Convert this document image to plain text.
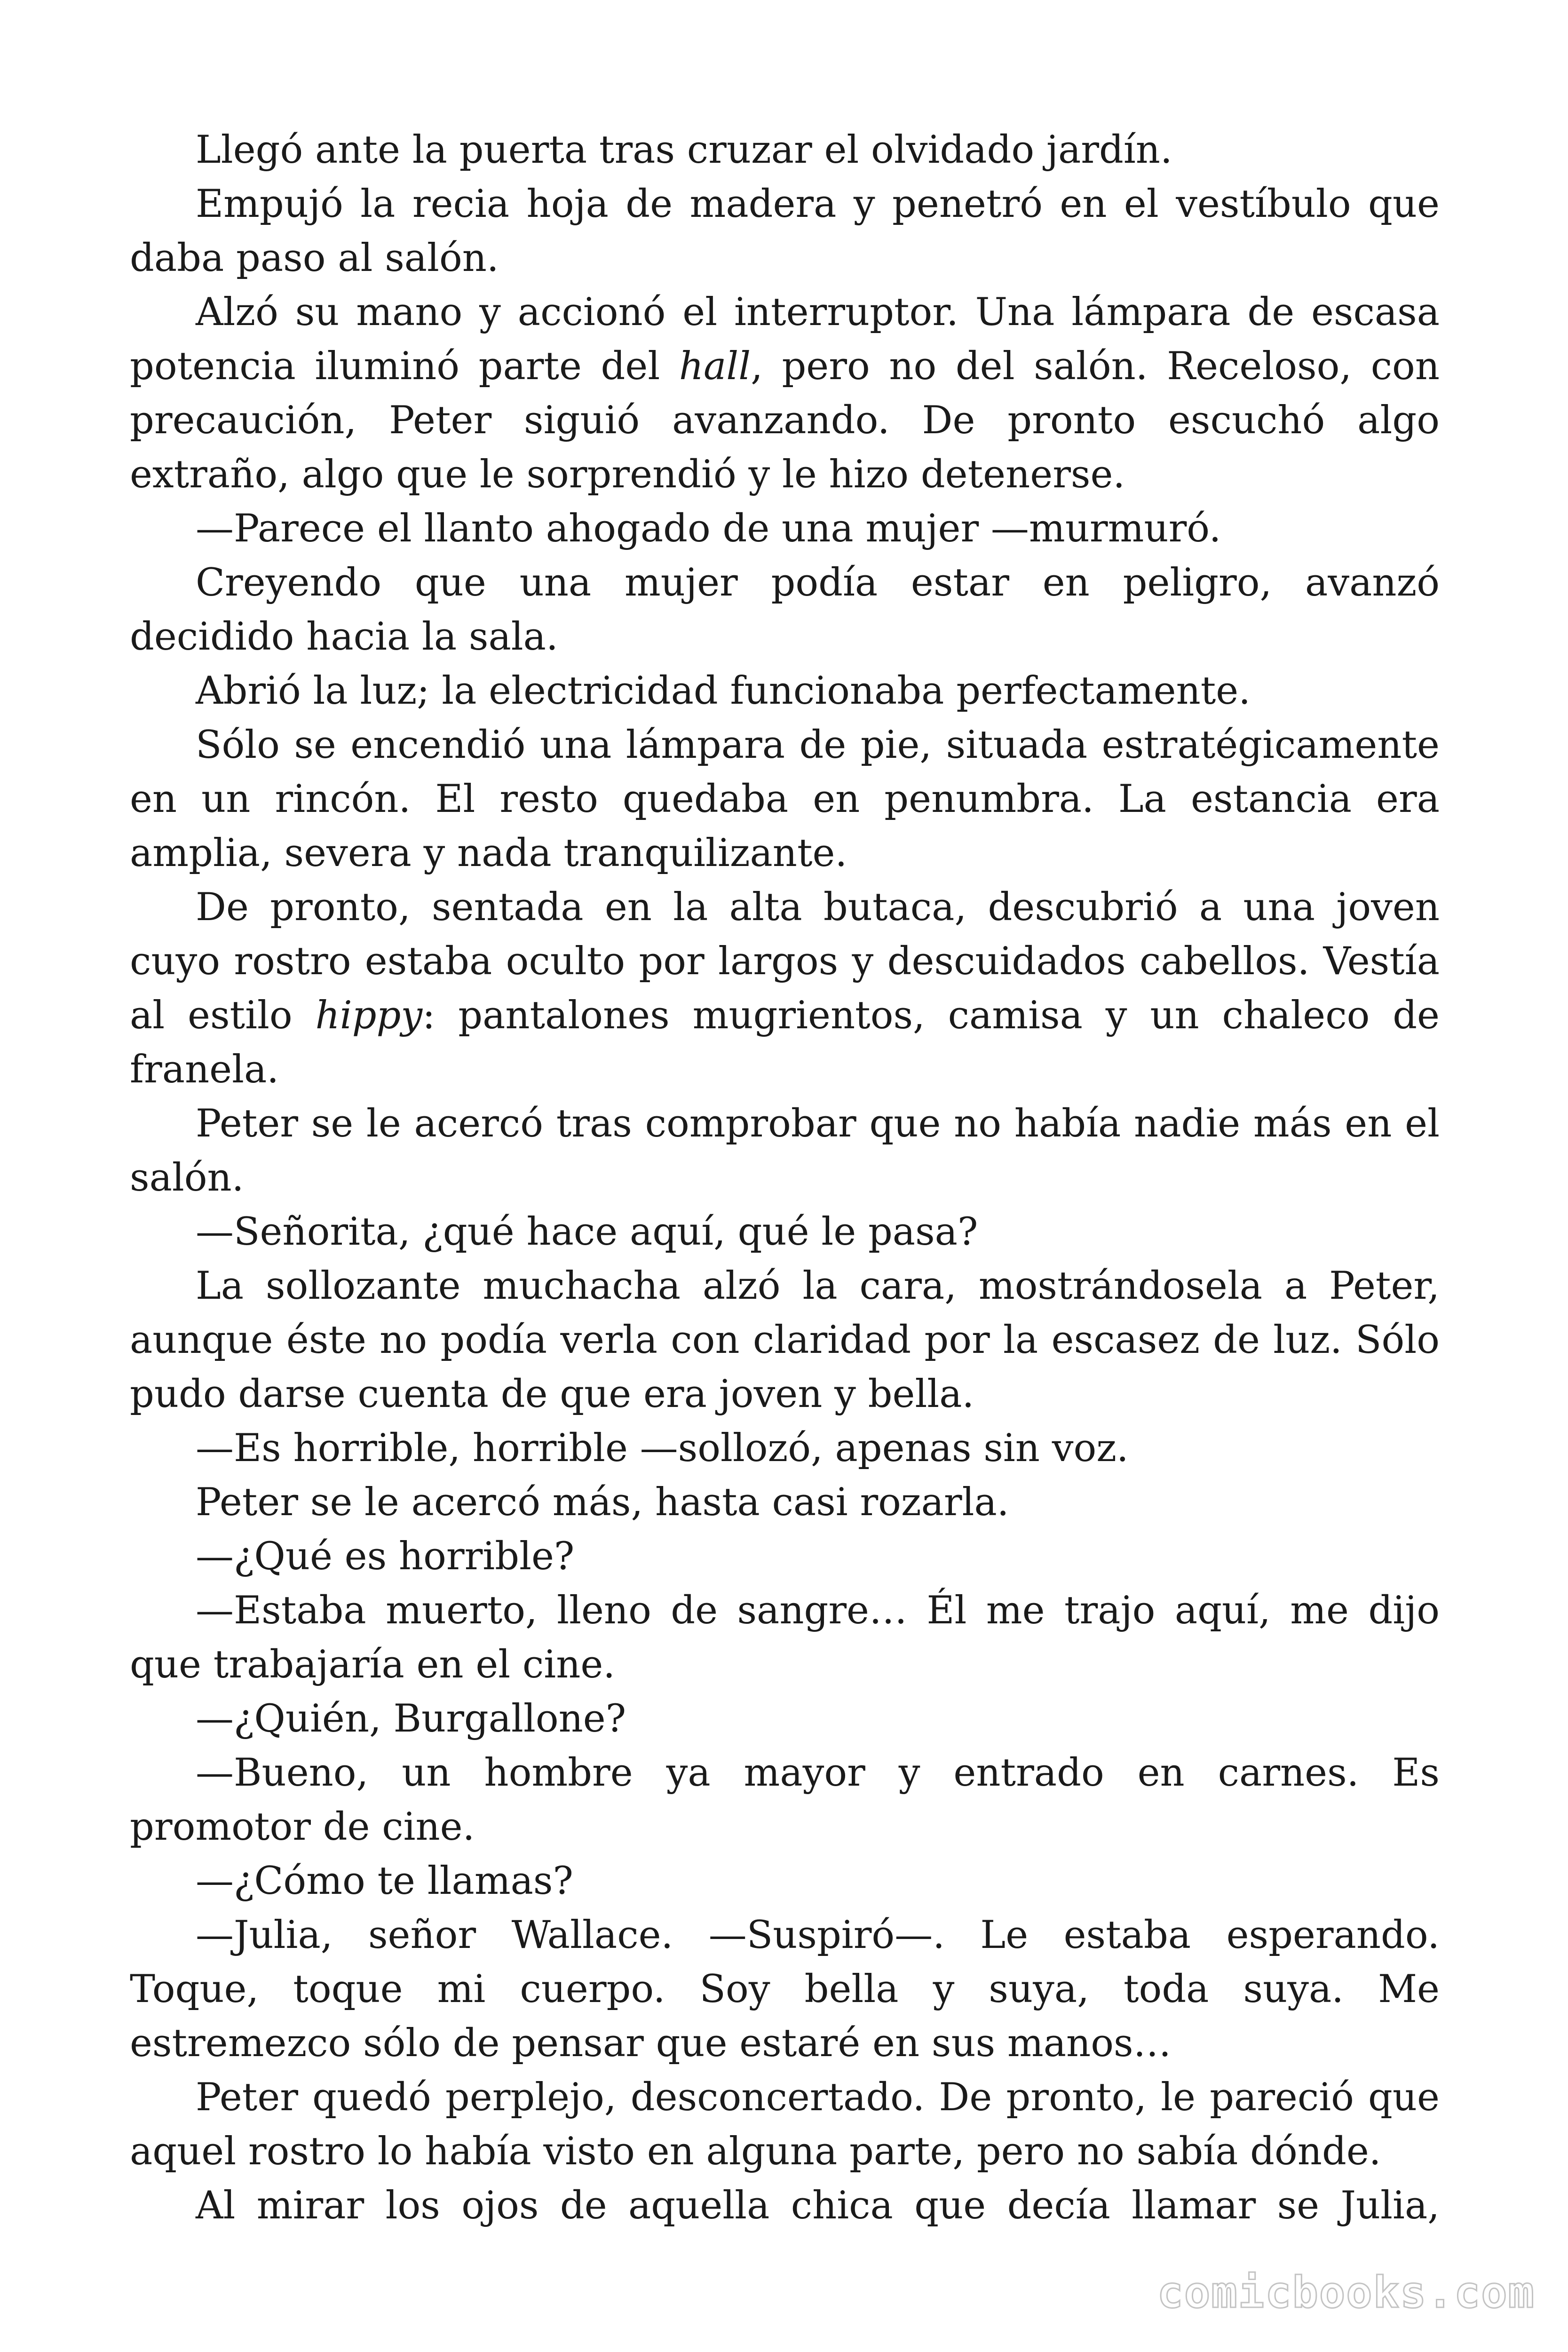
Llegó ante la puerta tras cruzar el olvidado jardín.

Empujó la recia hoja de madera y penetró en el vestíbulo que daba paso al salón.

Alzó su mano y accionó el interruptor. Una lámpara de escasa potencia iluminó parte del hall, pero no del salón. Receloso, con precaución, Peter siguió avanzando. De pronto escuchó algo extraño, algo que le sorprendió y le hizo detenerse.

—Parece el llanto ahogado de una mujer —murmuró.

Creyendo que una mujer podía estar en peligro, avanzó decidido hacia la sala.

Abrió la luz; la electricidad funcionaba perfectamente.

Sólo se encendió una lámpara de pie, situada estratégicamente en un rincón. El resto quedaba en penumbra. La estancia era amplia, severa y nada tranquilizante.

De pronto, sentada en la alta butaca, descubrió a una joven cuyo rostro estaba oculto por largos y descuidados cabellos. Vestía al estilo hippy: pantalones mugrientos, camisa y un chaleco de franela.

Peter se le acercó tras comprobar que no había nadie más en el salón.

—Señorita, ¿qué hace aquí, qué le pasa?

La sollozante muchacha alzó la cara, mostrándosela a Peter, aunque éste no podía verla con claridad por la escasez de luz. Sólo pudo darse cuenta de que era joven y bella.

—Es horrible, horrible —sollozó, apenas sin voz.

Peter se le acercó más, hasta casi rozarla.

—¿Qué es horrible?

—Estaba muerto, lleno de sangre… Él me trajo aquí, me dijo que trabajaría en el cine.

—¿Quién, Burgallone?

—Bueno, un hombre ya mayor y entrado en carnes. Es promotor de cine.

—¿Cómo te llamas?

—Julia, señor Wallace. —Suspiró—. Le estaba esperando. Toque, toque mi cuerpo. Soy bella y suya, toda suya. Me estremezco sólo de pensar que estaré en sus manos…

Peter quedó perplejo, desconcertado. De pronto, le pareció que aquel rostro lo había visto en alguna parte, pero no sabía dónde.

Al mirar los ojos de aquella chica que decía llamar se Julia,

comicbooks.com
